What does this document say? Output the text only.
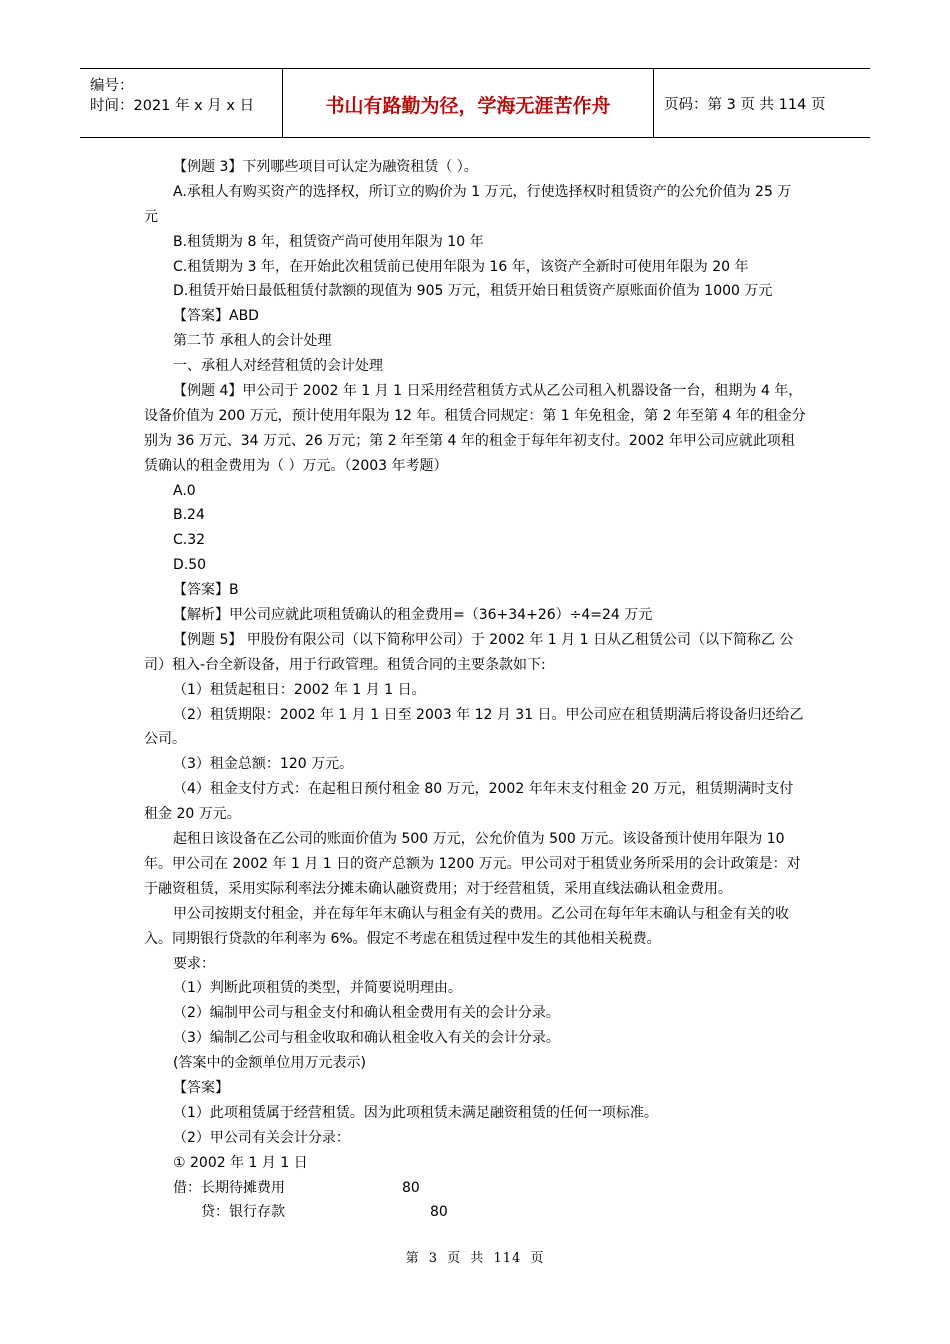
编号：
时间：2021 年 x 月 x 日	书山有路勤为径，学海无涯苦作舟	页码：第 3 页 共 114 页
【例题 3】下列哪些项目可认定为融资租赁（ ）。
A.承租人有购买资产的选择权，所订立的购价为 1 万元，行使选择权时租赁资产的公允价值为 25 万
元
B.租赁期为 8 年，租赁资产尚可使用年限为 10 年
C.租赁期为 3 年，在开始此次租赁前已使用年限为 16 年，该资产全新时可使用年限为 20 年
D.租赁开始日最低租赁付款额的现值为 905 万元，租赁开始日租赁资产原账面价值为 1000 万元
【答案】ABD
第二节 承租人的会计处理
一、承租人对经营租赁的会计处理
【例题 4】甲公司于 2002 年 1 月 1 日采用经营租赁方式从乙公司租入机器设备一台，租期为 4 年，
设备价值为 200 万元，预计使用年限为 12 年。租赁合同规定：第 1 年免租金，第 2 年至第 4 年的租金分
别为 36 万元、34 万元、26 万元；第 2 年至第 4 年的租金于每年年初支付。2002 年甲公司应就此项租
赁确认的租金费用为（ ）万元。（2003 年考题）
A.0
B.24
C.32
D.50
【答案】B
【解析】甲公司应就此项租赁确认的租金费用=（36+34+26）÷4=24 万元
【例题 5】 甲股份有限公司（以下简称甲公司）于 2002 年 1 月 1 日从乙租赁公司（以下简称乙 公
司）租入-台全新设备，用于行政管理。租赁合同的主要条款如下:
（1）租赁起租日：2002 年 1 月 1 日。
（2）租赁期限：2002 年 1 月 1 日至 2003 年 12 月 31 日。甲公司应在租赁期满后将设备归还给乙
公司。
（3）租金总额：120 万元。
（4）租金支付方式：在起租日预付租金 80 万元，2002 年年末支付租金 20 万元，租赁期满时支付
租金 20 万元。
起租日该设备在乙公司的账面价值为 500 万元，公允价值为 500 万元。该设备预计使用年限为 10
年。甲公司在 2002 年 1 月 1 日的资产总额为 1200 万元。甲公司对于租赁业务所采用的会计政策是：对
于融资租赁，采用实际利率法分摊未确认融资费用；对于经营租赁，采用直线法确认租金费用。
甲公司按期支付租金，并在每年年末确认与租金有关的费用。乙公司在每年年末确认与租金有关的收
入。同期银行贷款的年利率为 6%。假定不考虑在租赁过程中发生的其他相关税费。
要求：
（1）判断此项租赁的类型，并简要说明理由。
（2）编制甲公司与租金支付和确认租金费用有关的会计分录。
（3）编制乙公司与租金收取和确认租金收入有关的会计分录。
(答案中的金额单位用万元表示)
【答案】
（1）此项租赁属于经营租赁。因为此项租赁未满足融资租赁的任何一项标准。
（2）甲公司有关会计分录：
① 2002 年 1 月 1 日
借：长期待摊费用	80
贷：银行存款	80
第 3 页 共 114 页
